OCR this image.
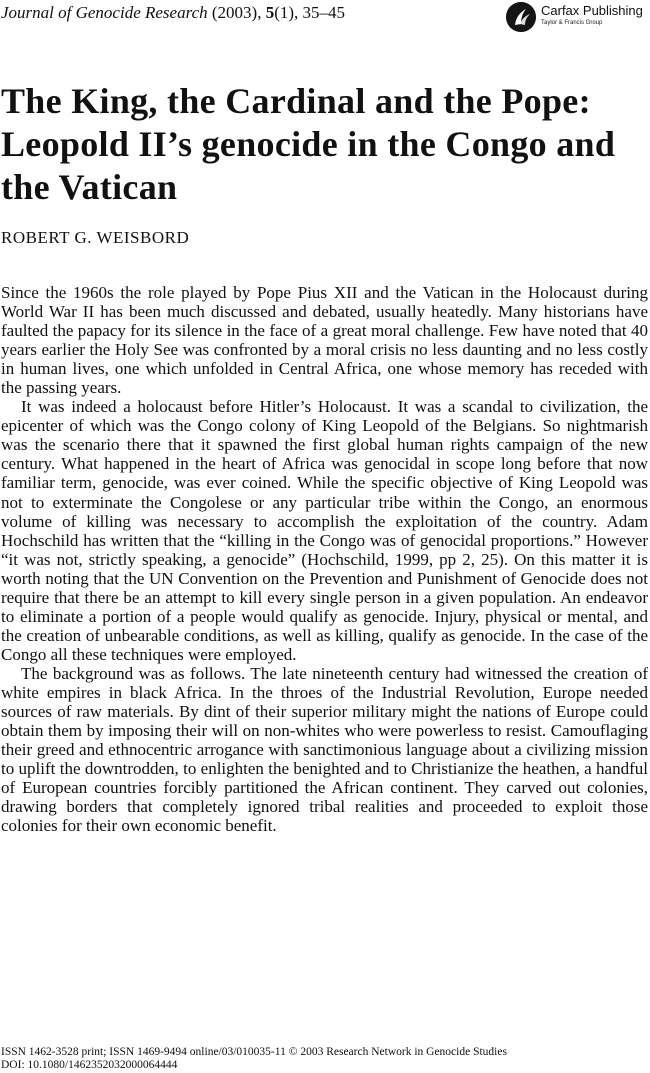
Journal of Genocide Research (2003), 5(1), 35–45	Carfax Publishing
Taylor & Francis Group
The King, the Cardinal and the Pope: Leopold II’s genocide in the Congo and the Vatican
ROBERT G. WEISBORD

Since the 1960s the role played by Pope Pius XII and the Vatican in the Holocaust during World War II has been much discussed and debated, usually heatedly. Many historians have faulted the papacy for its silence in the face of a great moral challenge. Few have noted that 40 years earlier the Holy See was confronted by a moral crisis no less daunting and no less costly in human lives, one which unfolded in Central Africa, one whose memory has receded with the passing years.

It was indeed a holocaust before Hitler’s Holocaust. It was a scandal to civilization, the epicenter of which was the Congo colony of King Leopold of the Belgians. So nightmarish was the scenario there that it spawned the first global human rights campaign of the new century. What happened in the heart of Africa was genocidal in scope long before that now familiar term, genocide, was ever coined. While the specific objective of King Leopold was not to exterminate the Congolese or any particular tribe within the Congo, an enormous volume of killing was necessary to accomplish the exploitation of the country. Adam Hochschild has written that the “killing in the Congo was of genocidal proportions.” However “it was not, strictly speaking, a genocide” (Hochschild, 1999, pp 2, 25). On this matter it is worth noting that the UN Convention on the Prevention and Punishment of Genocide does not require that there be an attempt to kill every single person in a given population. An endeavor to eliminate a portion of a people would qualify as genocide. Injury, physical or mental, and the creation of unbearable conditions, as well as killing, qualify as genocide. In the case of the Congo all these techniques were employed.

The background was as follows. The late nineteenth century had witnessed the creation of white empires in black Africa. In the throes of the Industrial Revolution, Europe needed sources of raw materials. By dint of their superior military might the nations of Europe could obtain them by imposing their will on non-whites who were powerless to resist. Camouflaging their greed and ethnocentric arrogance with sanctimonious language about a civilizing mission to uplift the downtrodden, to enlighten the benighted and to Christianize the heathen, a handful of European countries forcibly partitioned the African continent. They carved out colonies, drawing borders that completely ignored tribal realities and proceeded to exploit those colonies for their own economic benefit.

ISSN 1462-3528 print; ISSN 1469-9494 online/03/010035-11 © 2003 Research Network in Genocide Studies
DOI: 10.1080/1462352032000064444
